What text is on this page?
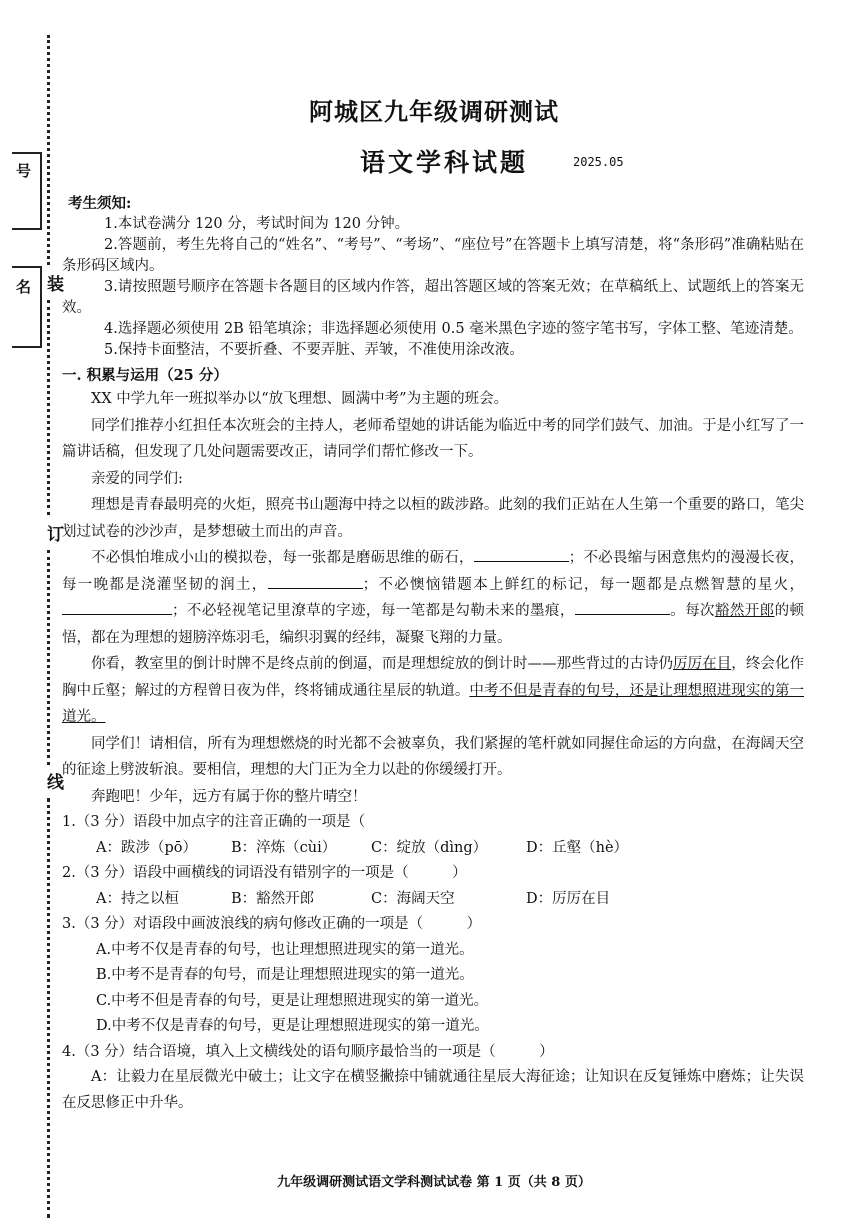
装
订
线
号
名
阿城区九年级调研测试
语文学科试题	2025.05

考生须知:

1.本试卷满分 120 分，考试时间为 120 分钟。

2.答题前，考生先将自己的“姓名”、“考号”、“考场”、“座位号”在答题卡上填写清楚，将“条形码”准确粘贴在条形码区域内。

3.请按照题号顺序在答题卡各题目的区域内作答，超出答题区域的答案无效；在草稿纸上、试题纸上的答案无效。

4.选择题必须使用 2B 铅笔填涂；非选择题必须使用 0.5 毫米黑色字迹的签字笔书写，字体工整、笔迹清楚。

5.保持卡面整洁，不要折叠、不要弄脏、弄皱，不准使用涂改液。

一. 积累与运用（25 分）

XX 中学九年一班拟举办以“放飞理想、圆满中考”为主题的班会。

同学们推荐小红担任本次班会的主持人，老师希望她的讲话能为临近中考的同学们鼓气、加油。于是小红写了一篇讲话稿，但发现了几处问题需要改正，请同学们帮忙修改一下。

亲爱的同学们:

理想是青春最明亮的火炬，照亮书山题海中持之以桓的跋涉路。此刻的我们正站在人生第一个重要的路口，笔尖划过试卷的沙沙声，是梦想破土而出的声音。

不必惧怕堆成小山的模拟卷，每一张都是磨砺思维的砺石，	；不必畏缩与困意焦灼的漫漫长夜，每一晚都是浇灌坚韧的润土，	；不必懊恼错题本上鲜红的标记，每一题都是点燃智慧的星火，；不必轻视笔记里潦草的字迹，每一笔都是勾勒未来的墨痕，	。每次豁然开郎的顿悟，都在为理想的翅膀淬炼羽毛，编织羽翼的经纬，凝聚飞翔的力量。

你看，教室里的倒计时牌不是终点前的倒逼，而是理想绽放的倒计时——那些背过的古诗仍厉厉在目，终会化作胸中丘壑；解过的方程曾日夜为伴，终将铺成通往星辰的轨道。中考不但是青春的句号，还是让理想照进现实的第一道光。

同学们！请相信，所有为理想燃烧的时光都不会被辜负，我们紧握的笔杆就如同握住命运的方向盘，在海阔天空的征途上劈波斩浪。要相信，理想的大门正为全力以赴的你缓缓打开。

奔跑吧！少年，远方有属于你的整片晴空！

1.（3 分）语段中加点字的注音正确的一项是（

A：跋涉（pō） B：淬炼（cùi） C：绽放（dìng）	D：丘壑（hè）

2.（3 分）语段中画横线的词语没有错别字的一项是（　　　）

A：持之以桓	B：豁然开郎	C：海阔天空	D：厉厉在目

3.（3 分）对语段中画波浪线的病句修改正确的一项是（　　　）

A.中考不仅是青春的句号，也让理想照进现实的第一道光。

B.中考不是青春的句号，而是让理想照进现实的第一道光。

C.中考不但是青春的句号，更是让理想照进现实的第一道光。

D.中考不仅是青春的句号，更是让理想照进现实的第一道光。

4.（3 分）结合语境，填入上文横线处的语句顺序最恰当的一项是（　　　）

A：让毅力在星辰微光中破土；让文字在横竖撇捺中铺就通往星辰大海征途；让知识在反复锤炼中磨炼；让失误在反思修正中升华。

九年级调研测试语文学科测试试卷 第 1 页（共 8 页）
